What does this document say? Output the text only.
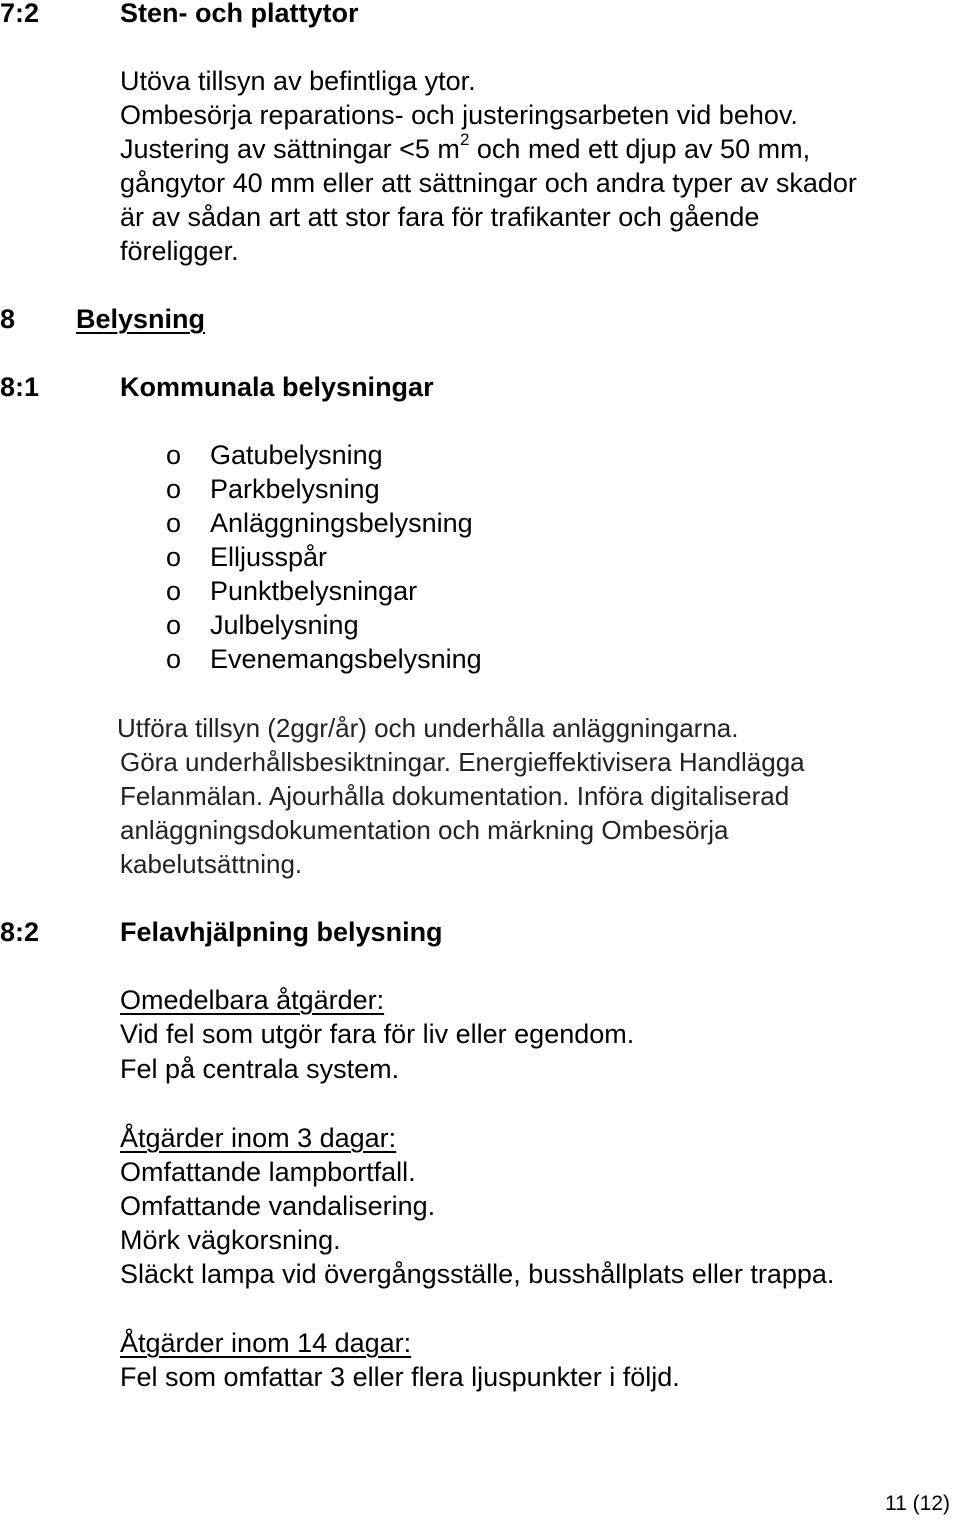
7:2	Sten- och plattytor
Utöva tillsyn av befintliga ytor.
Ombesörja reparations- och justeringsarbeten vid behov.
Justering av sättningar <5 $m^2$ och med ett djup av 50 mm,
gångytor 40 mm eller att sättningar och andra typer av skador
är av sådan art att stor fara för trafikanter och gående
föreligger.
8 Belysning
8:1	Kommunala belysningar
o Gatubelysning
o Parkbelysning
o Anläggningsbelysning
o Elljusspår
o Punktbelysningar
o Julbelysning
o Evenemangsbelysning
Utföra tillsyn (2ggr/år) och underhålla anläggningarna.
Göra underhållsbesiktningar. Energieffektivisera Handlägga
Felanmälan. Ajourhålla dokumentation. Införa digitaliserad
anläggningsdokumentation och märkning Ombesörja
kabelutsättning.
8:2	Felavhjälpning belysning
Omedelbara åtgärder:
Vid fel som utgör fara för liv eller egendom.
Fel på centrala system.
Åtgärder inom 3 dagar:
Omfattande lampbortfall.
Omfattande vandalisering.
Mörk vägkorsning.
Släckt lampa vid övergångsställe, busshållplats eller trappa.
Åtgärder inom 14 dagar:
Fel som omfattar 3 eller flera ljuspunkter i följd.
11 (12)
